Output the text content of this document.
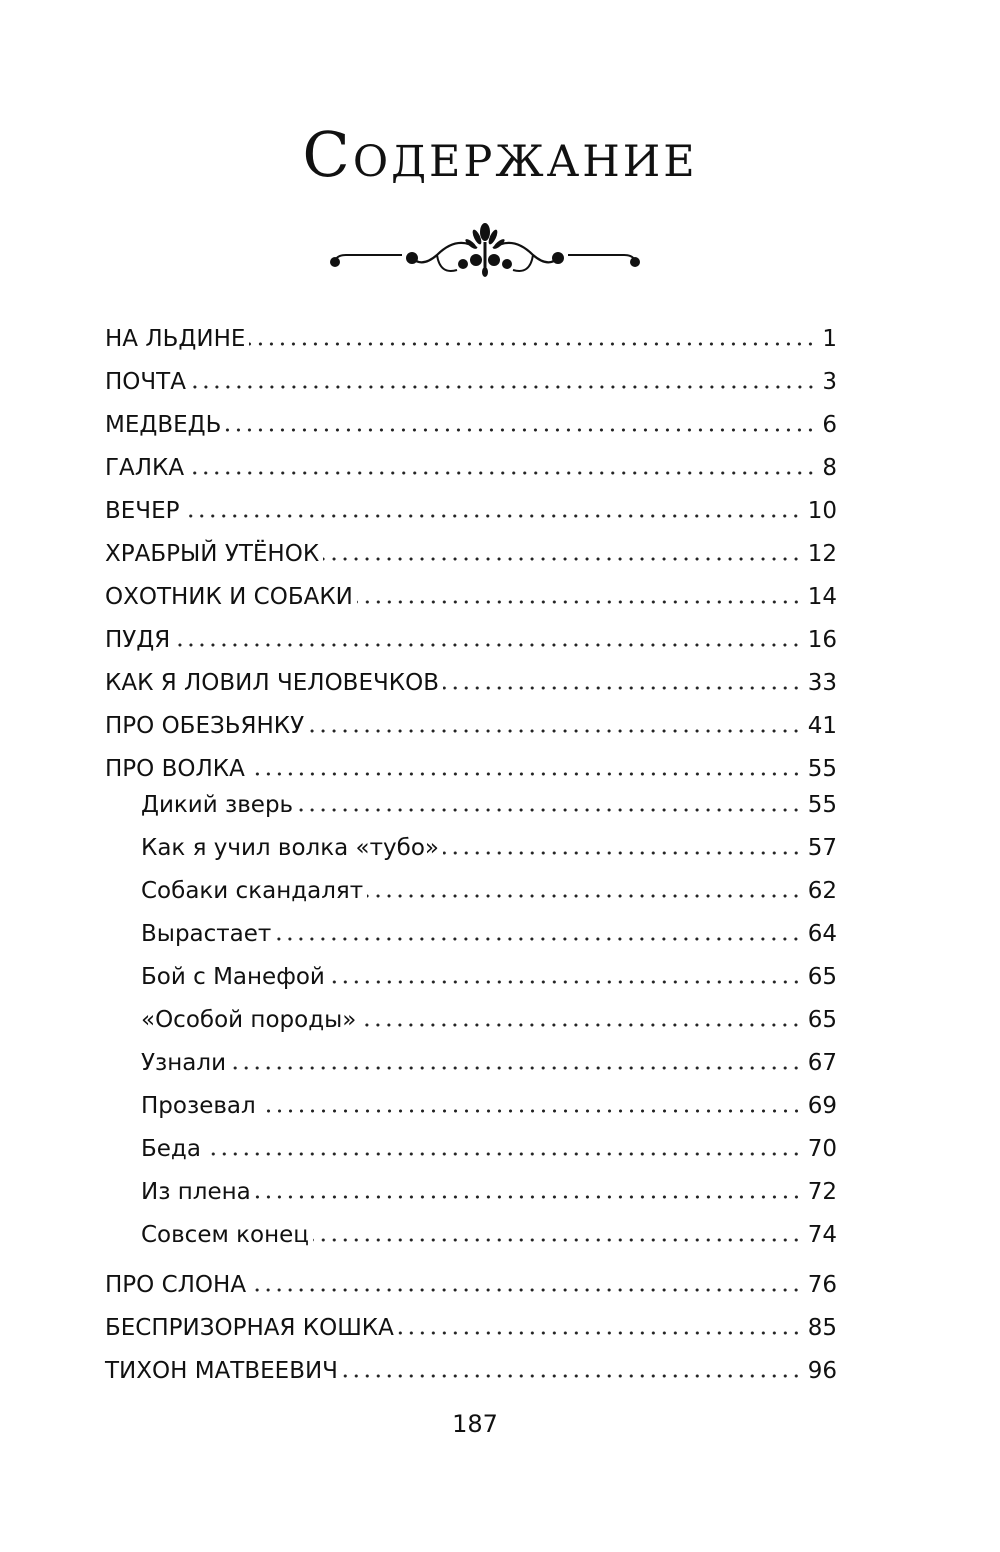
Содержание
НА ЛЬДИНЕ	1
ПОЧТА	3
МЕДВЕДЬ	6
ГАЛКА	8
ВЕЧЕР	10
ХРАБРЫЙ УТЁНОК	12
ОХОТНИК И СОБАКИ	14
ПУДЯ	16
КАК Я ЛОВИЛ ЧЕЛОВЕЧКОВ	33
ПРО ОБЕЗЬЯНКУ	41
ПРО ВОЛКА	55
Дикий зверь	55
Как я учил волка «тубо»	57
Собаки скандалят	62
Вырастает	64
Бой с Манефой	65
«Особой породы»	65
Узнали	67
Прозевал	69
Беда	70
Из плена	72
Совсем конец	74
ПРО СЛОНА	76
БЕСПРИЗОРНАЯ КОШКА	85
ТИХОН МАТВЕЕВИЧ	96
187
